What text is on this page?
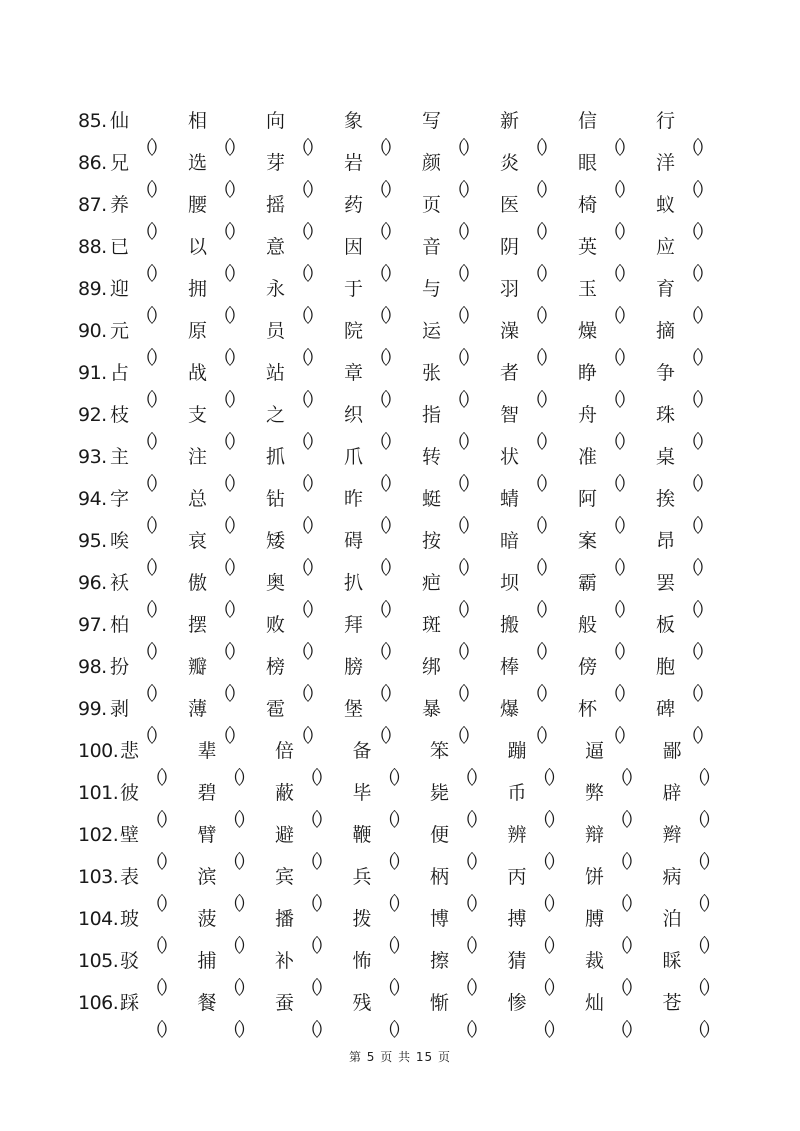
85. 仙
（
）
相
（
）
向
（
）
象
（
）
写
（
）
新
（
）
信
（
）
行
（
）
86. 兄
（
）
选
（
）
芽
（
）
岩
（
）
颜
（
）
炎
（
）
眼
（
）
洋
（
）
87. 养
（
）
腰
（
）
摇
（
）
药
（
）
页
（
）
医
（
）
椅
（
）
蚁
（
）
88. 已
（
）
以
（
）
意
（
）
因
（
）
音
（
）
阴
（
）
英
（
）
应
（
）
89. 迎
（
）
拥
（
）
永
（
）
于
（
）
与
（
）
羽
（
）
玉
（
）
育
（
）
90. 元
（
）
原
（
）
员
（
）
院
（
）
运
（
）
澡
（
）
燥
（
）
摘
（
）
91. 占
（
）
战
（
）
站
（
）
章
（
）
张
（
）
者
（
）
睁
（
）
争
（
）
92. 枝
（
）
支
（
）
之
（
）
织
（
）
指
（
）
智
（
）
舟
（
）
珠
（
）
93. 主
（
）
注
（
）
抓
（
）
爪
（
）
转
（
）
状
（
）
准
（
）
桌
（
）
94. 字
（
）
总
（
）
钻
（
）
昨
（
）
蜓
（
）
蜻
（
）
阿
（
）
挨
（
）
95. 唉
（
）
哀
（
）
矮
（
）
碍
（
）
按
（
）
暗
（
）
案
（
）
昂
（
）
96. 袄
（
）
傲
（
）
奥
（
）
扒
（
）
疤
（
）
坝
（
）
霸
（
）
罢
（
）
97. 柏
（
）
摆
（
）
败
（
）
拜
（
）
斑
（
）
搬
（
）
般
（
）
板
（
）
98. 扮
（
）
瓣
（
）
榜
（
）
膀
（
）
绑
（
）
棒
（
）
傍
（
）
胞
（
）
99. 剥
（
）
薄
（
）
雹
（
）
堡
（
）
暴
（
）
爆
（
）
杯
（
）
碑
（
）
100. 悲
（
）
辈
（
）
倍
（
）
备
（
）
笨
（
）
蹦
（
）
逼
（
）
鄙
（
）
101. 彼
（
）
碧
（
）
蔽
（
）
毕
（
）
毙
（
）
币
（
）
弊
（
）
辟
（
）
102. 壁
（
）
臂
（
）
避
（
）
鞭
（
）
便
（
）
辨
（
）
辩
（
）
辫
（
）
103. 表
（
）
滨
（
）
宾
（
）
兵
（
）
柄
（
）
丙
（
）
饼
（
）
病
（
）
104. 玻
（
）
菠
（
）
播
（
）
拨
（
）
博
（
）
搏
（
）
膊
（
）
泊
（
）
105. 驳
（
）
捕
（
）
补
（
）
怖
（
）
擦
（
）
猜
（
）
裁
（
）
睬
（
）
106. 踩
（
）
餐
（
）
蚕
（
）
残
（
）
惭
（
）
惨
（
）
灿
（
）
苍
（
）
第 5 页 共 15 页
